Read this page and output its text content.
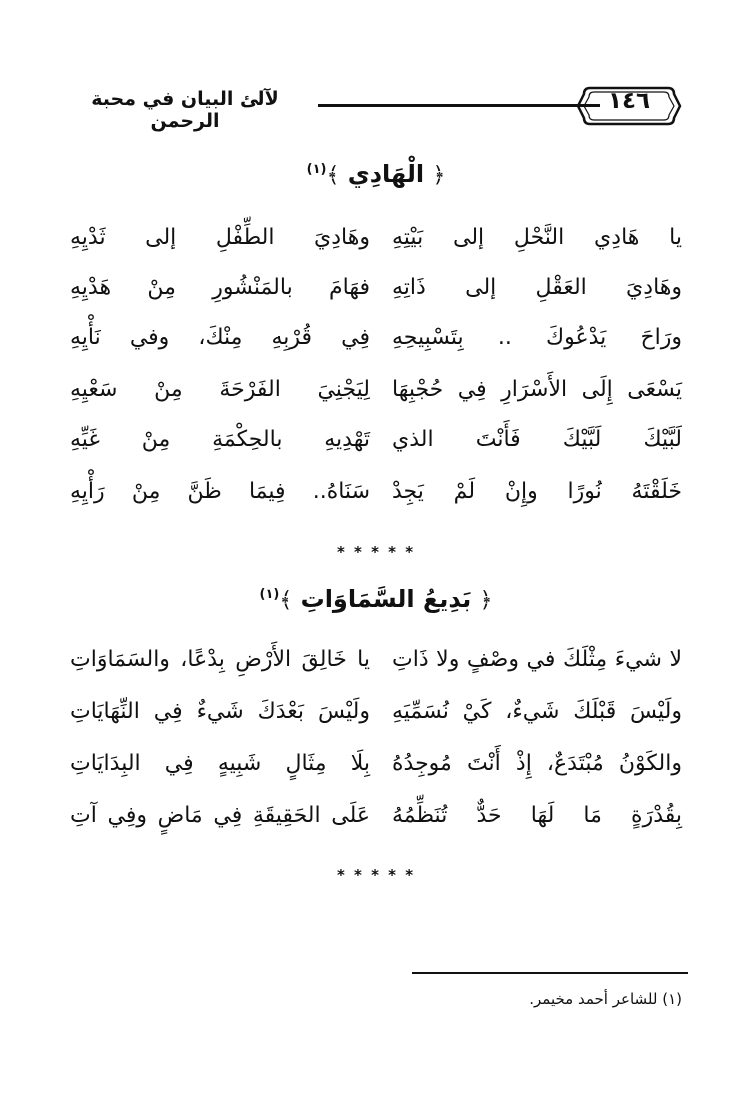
١٤٦
لآلئ البيان في محبة الرحمن
﴿ الْهَادِي ﴾$^{(١)}$
يا هَادِي النَّحْلِ إلى بَيْتِهِ
وهَادِيَ الطِّفْلِ إلى ثَدْيِهِ
وهَادِيَ العَقْلِ إلى ذَاتِهِ
فهَامَ بالمَنْشُورِ مِنْ هَدْيِهِ
ورَاحَ يَدْعُوكَ .. بِتَسْبِيحِهِ
فِي قُرْبِهِ مِنْكَ، وفي نَأْيِهِ
يَسْعَى إِلَى الأَسْرَارِ فِي حُجْبِهَا
لِيَجْنِيَ الفَرْحَةَ مِنْ سَعْيِهِ
لَبَّيْكَ لَبَّيْكَ فَأَنْتَ الذي
تَهْدِيهِ بالحِكْمَةِ مِنْ غَيِّهِ
خَلَقْتَهُ نُورًا وإِنْ لَمْ يَجِدْ
سَنَاهُ.. فِيمَا ظَنَّ مِنْ رَأْيِهِ
* * * * *
﴿ بَدِيعُ السَّمَاوَاتِ ﴾$^{(١)}$
لا شيءَ مِثْلَكَ في وصْفٍ ولا ذَاتِ
يا خَالِقَ الأَرْضِ بِدْعًا، والسَمَاوَاتِ
ولَيْسَ قَبْلَكَ شَيءٌ، كَيْ نُسَمِّيَهِ
ولَيْسَ بَعْدَكَ شَيءٌ فِي النِّهَايَاتِ
والكَوْنُ مُبْتَدَعٌ، إِذْ أَنْتَ مُوجِدُهُ
بِلَا مِثَالٍ شَبِيهٍ فِي البِدَايَاتِ
بِقُدْرَةٍ مَا لَهَا حَدٌّ تُنَظِّمُهُ
عَلَى الحَقِيقَةِ فِي مَاضٍ وفِي آتِ
* * * * *
(١) للشاعر أحمد مخيمر.
